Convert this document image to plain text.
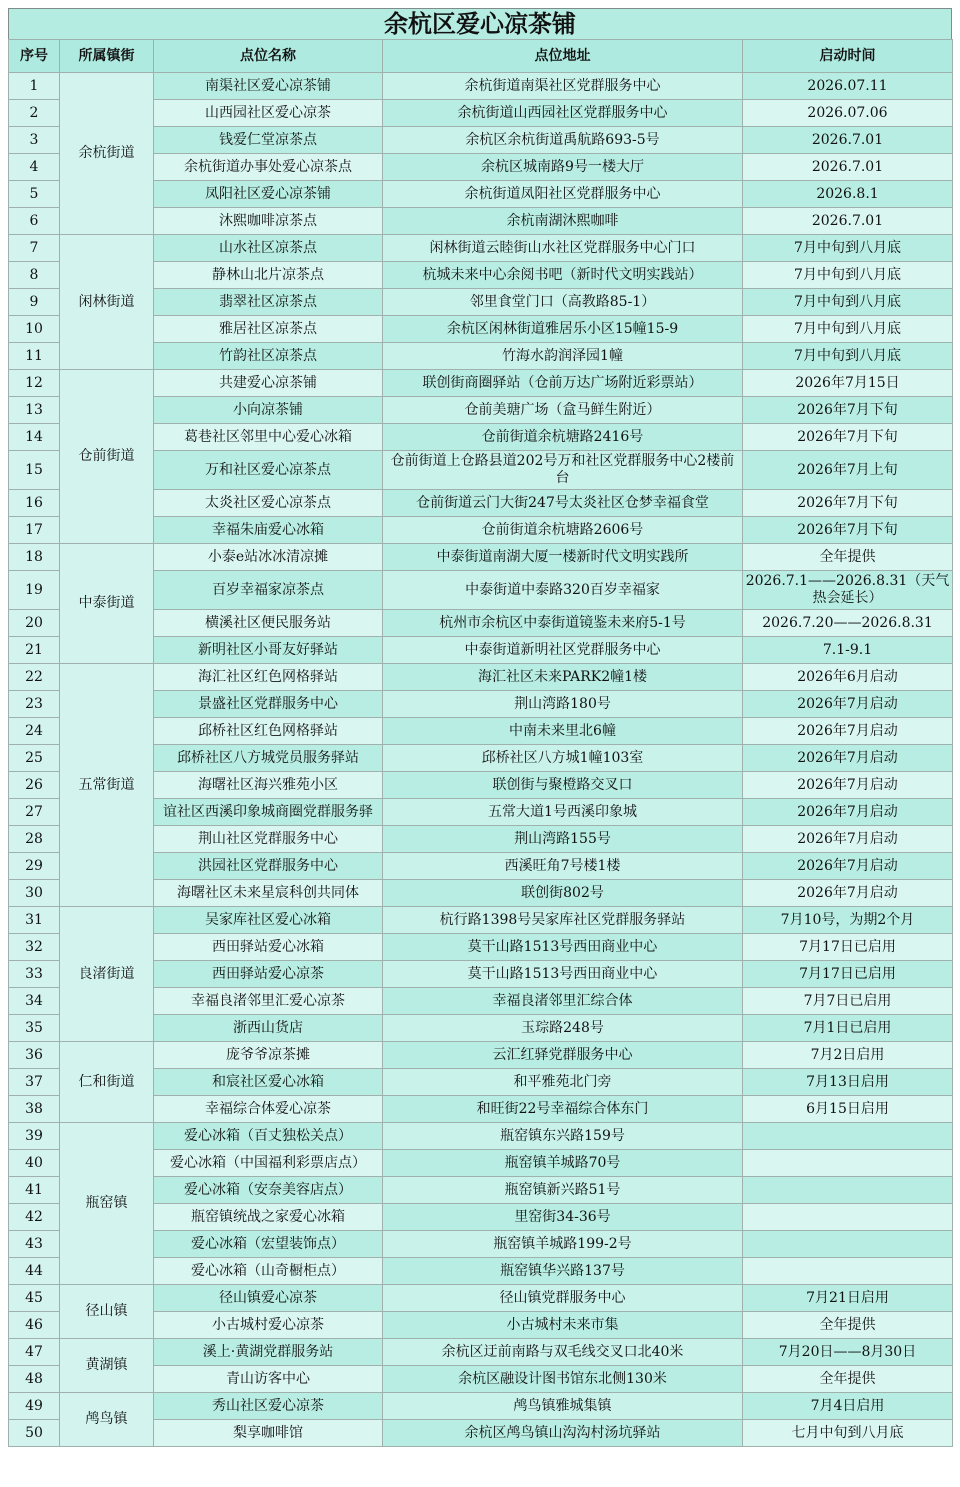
余杭区爱心凉茶铺
序号	所属镇街	点位名称	点位地址	启动时间
1	余杭街道	南渠社区爱心凉茶铺	余杭街道南渠社区党群服务中心	2026.07.11
2		山西园社区爱心凉茶	余杭街道山西园社区党群服务中心	2026.07.06
3		钱爱仁堂凉茶点	余杭区余杭街道禹航路693-5号	2026.7.01
4		余杭街道办事处爱心凉茶点	余杭区城南路9号一楼大厅	2026.7.01
5		凤阳社区爱心凉茶铺	余杭街道凤阳社区党群服务中心	2026.8.1
6		沐熙咖啡凉茶点	余杭南湖沐熙咖啡	2026.7.01
7	闲林街道	山水社区凉茶点	闲林街道云睦街山水社区党群服务中心门口	7月中旬到八月底
8		静林山北片凉茶点	杭城未来中心余阅书吧（新时代文明实践站）	7月中旬到八月底
9		翡翠社区凉茶点	邻里食堂门口（高教路85-1）	7月中旬到八月底
10		雅居社区凉茶点	余杭区闲林街道雅居乐小区15幢15-9	7月中旬到八月底
11		竹韵社区凉茶点	竹海水韵润泽园1幢	7月中旬到八月底
12	仓前街道	共建爱心凉茶铺	联创街商圈驿站（仓前万达广场附近彩票站）	2026年7月15日
13		小向凉茶铺	仓前美瑭广场（盒马鲜生附近）	2026年7月下旬
14		葛巷社区邻里中心爱心冰箱	仓前街道余杭塘路2416号	2026年7月下旬
15		万和社区爱心凉茶点	仓前街道上仓路县道202号万和社区党群服务中心2楼前台	2026年7月上旬
16		太炎社区爱心凉茶点	仓前街道云门大街247号太炎社区仓梦幸福食堂	2026年7月下旬
17		幸福朱庙爱心冰箱	仓前街道余杭塘路2606号	2026年7月下旬
18	中泰街道	小泰e站冰冰清凉摊	中泰街道南湖大厦一楼新时代文明实践所	全年提供
19		百岁幸福家凉茶点	中泰街道中泰路320百岁幸福家	2026.7.1——2026.8.31（天气热会延长）
20		横溪社区便民服务站	杭州市余杭区中泰街道镜鉴未来府5-1号	2026.7.20——2026.8.31
21		新明社区小哥友好驿站	中泰街道新明社区党群服务中心	7.1-9.1
22	五常街道	海汇社区红色网格驿站	海汇社区未来PARK2幢1楼	2026年6月启动
23		景盛社区党群服务中心	荆山湾路180号	2026年7月启动
24		邱桥社区红色网格驿站	中南未来里北6幢	2026年7月启动
25		邱桥社区八方城党员服务驿站	邱桥社区八方城1幢103室	2026年7月启动
26		海曙社区海兴雅苑小区	联创街与聚橙路交叉口	2026年7月启动
27		谊社区西溪印象城商圈党群服务驿	五常大道1号西溪印象城	2026年7月启动
28		荆山社区党群服务中心	荆山湾路155号	2026年7月启动
29		洪园社区党群服务中心	西溪旺角7号楼1楼	2026年7月启动
30		海曙社区未来星宸科创共同体	联创街802号	2026年7月启动
31	良渚街道	吴家库社区爱心冰箱	杭行路1398号吴家库社区党群服务驿站	7月10号，为期2个月
32		西田驿站爱心冰箱	莫干山路1513号西田商业中心	7月17日已启用
33		西田驿站爱心凉茶	莫干山路1513号西田商业中心	7月17日已启用
34		幸福良渚邻里汇爱心凉茶	幸福良渚邻里汇综合体	7月7日已启用
35		浙西山货店	玉琮路248号	7月1日已启用
36	仁和街道	庞爷爷凉茶摊	云汇红驿党群服务中心	7月2日启用
37		和宸社区爱心冰箱	和平雅苑北门旁	7月13日启用
38		幸福综合体爱心凉茶	和旺街22号幸福综合体东门	6月15日启用
39	瓶窑镇	爱心冰箱（百丈独松关点）	瓶窑镇东兴路159号	
40		爱心冰箱（中国福利彩票店点）	瓶窑镇羊城路70号	
41		爱心冰箱（安奈美容店点）	瓶窑镇新兴路51号	
42		瓶窑镇统战之家爱心冰箱	里窑街34-36号	
43		爱心冰箱（宏望装饰点）	瓶窑镇羊城路199-2号	
44		爱心冰箱（山奇橱柜点）	瓶窑镇华兴路137号	
45	径山镇	径山镇爱心凉茶	径山镇党群服务中心	7月21日启用
46		小古城村爱心凉茶	小古城村未来市集	全年提供
47	黄湖镇	溪上·黄湖党群服务站	余杭区迂前南路与双毛线交叉口北40米	7月20日——8月30日
48		青山访客中心	余杭区融设计图书馆东北侧130米	全年提供
49	鸬鸟镇	秀山社区爱心凉茶	鸬鸟镇雅城集镇	7月4日启用
50		梨享咖啡馆	余杭区鸬鸟镇山沟沟村汤坑驿站	七月中旬到八月底
